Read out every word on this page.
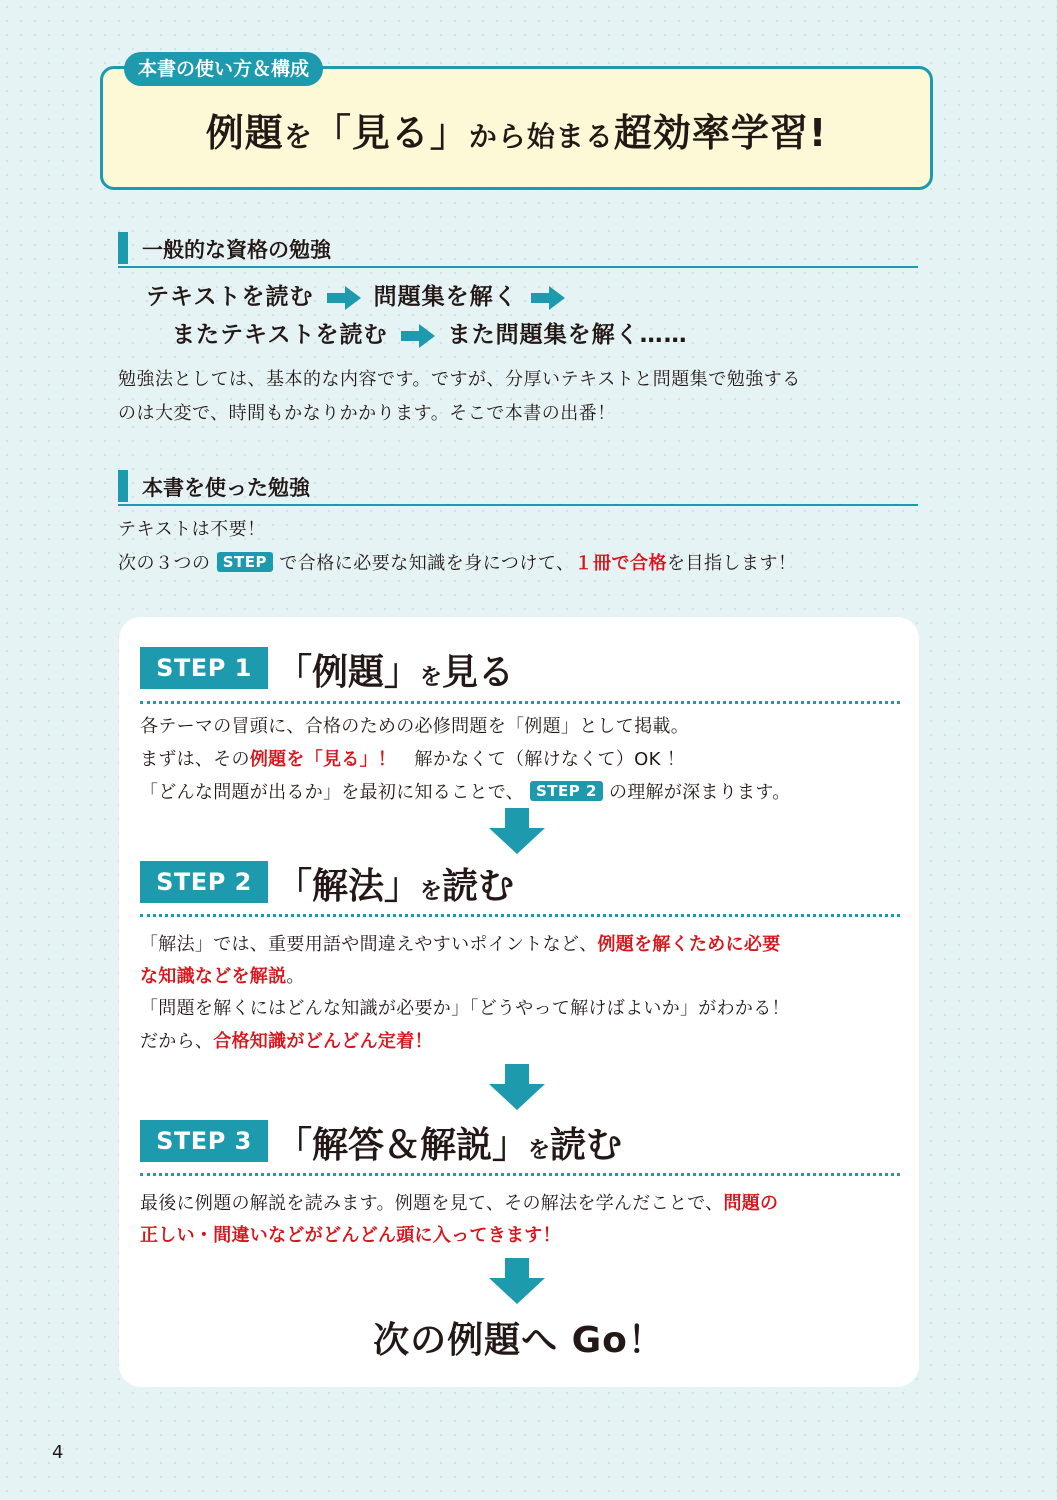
本書の使い方＆構成
例題を「見る」から始まる超効率学習!
一般的な資格の勉強
テキストを読む	問題集を解く
またテキストを読む	また問題集を解く……
勉強法としては、基本的な内容です。ですが、分厚いテキストと問題集で勉強する
のは大変で、時間もかなりかかります。そこで本書の出番！
本書を使った勉強
テキストは不要！
次の３つの STEP で合格に必要な知識を身につけて、１冊で合格を目指します！
STEP 1 「例題」を見る
各テーマの冒頭に、合格のための必修問題を「例題」として掲載。
まずは、その例題を「見る」！　解かなくて（解けなくて）OK ！
「どんな問題が出るか」を最初に知ることで、 STEP 2 の理解が深まります。
STEP 2 「解法」を読む
「解法」では、重要用語や間違えやすいポイントなど、例題を解くために必要
な知識などを解説。
「問題を解くにはどんな知識が必要か」「どうやって解けばよいか」がわかる！
だから、合格知識がどんどん定着！
STEP 3 「解答＆解説」を読む
最後に例題の解説を読みます。例題を見て、その解法を学んだことで、問題の
正しい・間違いなどがどんどん頭に入ってきます！
次の例題へ Go！
4
